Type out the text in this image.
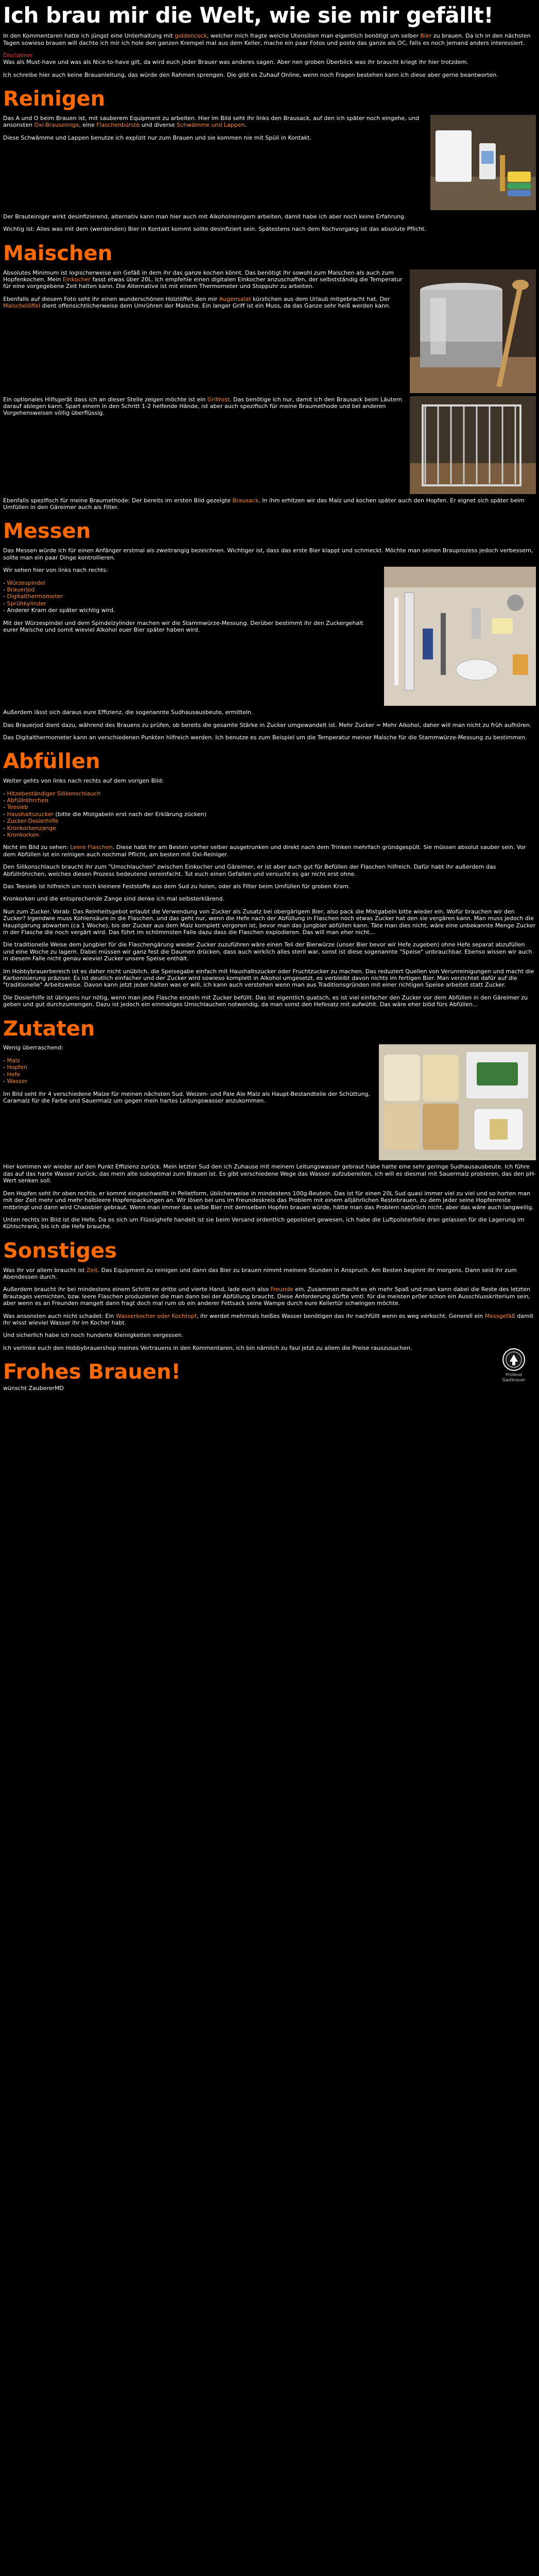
Ich brau mir die Welt, wie sie mir gefällt!

In den Kommentaren hatte ich jüngst eine Unterhaltung mit goldencock, welcher mich fragte welche Utensilien man eigentlich benötigt um selber Bier zu brauen. Da ich in den nächsten Tagen sowieso brauen will dachte ich mir ich hole den ganzen Krempel mal aus dem Keller, mache ein paar Fotos und poste das ganze als OC, falls es noch jemand anders interessiert.

Disclaimer
Was als Must-have und was als Nice-to-have gilt, da wird euch jeder Brauer was anderes sagen. Aber nen groben Überblick was ihr braucht kriegt ihr hier trotzdem.

Ich schreibe hier auch keine Brauanleitung, das würde den Rahmen sprengen. Die gibt es Zuhauf Online, wenn noch Fragen bestehen kann ich diese aber gerne beantworten.

Reinigen

Das A und O beim Brauen ist, mit sauberem Equipment zu arbeiten. Hier im Bild seht ihr links den Brausack, auf den ich später noch eingehe, und ansonsten Oxi-Brauseinige, eine Flaschenbürste und diverse Schwämme und Lappen.

Diese Schwämme und Lappen benutze ich explizit nur zum Brauen und sie kommen nie mit Spüli in Kontakt.

Der Brauteiniger wirkt desinfizierend, alternativ kann man hier auch mit Alkoholreinigern arbeiten, damit habe ich aber noch keine Erfahrung.

Wichtig ist: Alles was mit dem (werdenden) Bier in Kontakt kommt sollte desinfiziert sein. Spätestens nach dem Kochvorgang ist das absolute Pflicht.

Maischen

Absolutes Minimum ist logischerweise ein Gefäß in dem ihr das ganze kochen könnt. Das benötigt Ihr sowohl zum Maischen als auch zum Hopfenkochen. Mein Einkocher fasst etwas über 20L. Ich empfehle einen digitalen Einkocher anzuschaffen, der selbstständig die Temperatur für eine vorgegebene Zeit halten kann. Die Alternative ist mit einem Thermometer und Stoppuhr zu arbeiten.

Ebenfalls auf diesem Foto seht ihr einen wunderschönen Holzlöffel, den mir Augensalat kürzlichen aus dem Urlaub mitgebracht hat. Der Maischelöffel dient offensichtlicherweise dem Umrühren der Maische. Ein langer Griff ist ein Muss, da das Ganze sehr heiß werden kann.

Ein optionales Hilfsgerät dass ich an dieser Stelle zeigen möchte ist ein Grillrost. Das benötige ich nur, damit ich den Brausack beim Läutern darauf ablegen kann. Spart einem in den Schritt 1-2 helfende Hände, ist aber auch spezifisch für meine Braumethode und bei anderen Vorgehensweisen völlig überflüssig.

Ebenfalls spezifisch für meine Braumethode: Der bereits im ersten Bild gezeigte Brausack. In ihm erhitzen wir das Malz und kochen später auch den Hopfen. Er eignet sich später beim Umfüllen in den Gäreimer auch als Filter.

Messen

Das Messen würde ich für einen Anfänger erstmal als zweitrangig bezeichnen. Wichtiger ist, dass das erste Bier klappt und schmeckt. Möchte man seinen Brauprozess jedoch verbessern, sollte man ein paar Dinge kontrollieren.

Wir sehen hier von links nach rechts:

- Würzespindel
- Brauerjod
- Digitalthermometer
- Sprühkylinder
- Anderer Kram der später wichtig wird.

Mit der Würzespindel und dem Spindelzylinder machen wir die Stammwürze-Messung. Derüber bestimmt ihr den Zuckergehalt eurer Maische und somit wieviel Alkohol euer Bier später haben wird.

Außerdem lässt sich daraus eure Effizienz, die sogenannte Sudhausausbeute, ermitteln.

Das Brauerjod dient dazu, während des Brauens zu prüfen, ob bereits die gesamte Stärke in Zucker umgewandelt ist. Mehr Zucker = Mehr Alkohol, daher will man nicht zu früh aufhören.

Das Digitalthermometer kann an verschiedenen Punkten hilfreich werden. Ich benutze es zum Beispiel um die Temperatur meiner Maische für die Stammwürze-Messung zu bestimmen.

Abfüllen

Weiter gehts von links nach rechts auf dem vorigen Bild:

- Hitzebeständiger Silikonschlauch
- Abfüllröhrchen
- Teesieb
- Haushaltszucker (bitte die Mistgabeln erst nach der Erklärung zücken)
- Zucker-Dosierhilfe
- Kronkorkenzange
- Kronkorken

Nicht im Bild zu sehen: Leere Flaschen. Diese habt Ihr am Besten vorher selber ausgetrunken und direkt nach dem Trinken mehrfach gründgespült. Sie müssen absolut sauber sein. Vor dem Abfüllen ist ein reinigen auch nochmal Pflicht, am besten mit Oxi-Reiniger.

Den Silikonschlauch braucht ihr zum "Umschlauchen" zwischen Einkocher und Gäreimer, er ist aber auch gut für Befüllen der Flaschen hilfreich. Dafür habt ihr außerdem das Abfüllröhrchen, welches diesen Prozess bedeutend vereinfacht. Tut euch einen Gefallen und versucht es gar nicht erst ohne.

Das Teesieb ist hilfreich um noch kleinere Feststoffe aus dem Sud zu holen, oder als Filter beim Umfüllen für groben Kram.

Kronkorken und die entsprechende Zange sind denke ich mal selbsterklärend.

Nun zum Zucker. Vorab: Das Reinheitsgebot erlaubt die Verwendung von Zucker als Zusatz bei obergärigem Bier, also pack die Mistgabeln bitte wieder ein. Wofür brauchen wir den Zucker? Irgendwie muss Kohlensäure in die Flaschen, und das geht nur, wenn die Hefe nach der Abfüllung in Flaschen noch etwas Zucker hat den sie vergären kann. Man muss jedoch die Hauptgärung abwarten (ca 1 Woche), bis der Zucker aus dem Malz komplett vergoren ist, bevor man das Jungbier abfüllen kann. Täte man dies nicht, wäre eine unbekannte Menge Zucker in der Flasche die noch vergärt wird. Das führt im schlimmsten Falle dazu dass die Flaschen explodieren. Das will man eher nicht...

Die traditionelle Weise dem Jungbier für die Flaschengärung wieder Zucker zuzuführen wäre einen Teil der Bierwürze (unser Bier bevor wir Hefe zugeben) ohne Hefe separat abzufüllen und eine Woche zu lagern. Dabei müssen wir ganz fest die Daumen drücken, dass auch wirklich alles steril war, sonst ist diese sogenannte "Speise" unbrauchbar. Ebenso wissen wir auch in diesem Falle nicht genau wieviel Zucker unsere Speise enthält.

Im Hobbybrauerbereich ist es daher nicht unüblich, die Speisegabe einfach mit Haushaltszucker oder Fruchtzucker zu machen. Das reduziert Quellen von Verunreinigungen und macht die Karbonisierung präziser. Es ist deutlich einfacher und der Zucker wird sowieso komplett in Alkohol umgesetzt, es verbleibt davon nichts im fertigen Bier. Man verzichtet dafür auf die "traditionelle" Arbeitsweise. Davon kann jetzt jeder halten was er will, ich kann auch verstehen wenn man aus Traditionsgründen mit einer richtigen Speise arbeitet statt Zucker.

Die Dosierhilfe ist übrigens nur nötig, wenn man jede Flasche einzeln mit Zucker befüllt. Das ist eigentlich quatsch, es ist viel einfacher den Zucker vor dem Abfüllen in den Gäreimer zu geben und gut durchzumengen. Dazu ist jedoch ein einmaliges Umschlauchen notwendig, da man sonst den Hefesatz mit aufwühlt. Das wäre eher blöd fürs Abfüllen…

Zutaten

Wenig überraschend:

- Malz
- Hopfen
- Hefe
- Wasser

Im Bild seht ihr 4 verschiedene Malze für meinen nächsten Sud. Weizen- und Pale Ale Malz als Haupt-Bestandteile der Schüttung, Caramalz für die Farbe und Sauermalz um gegen mein hartes Leitungswasser anzukommen.

Hier kommen wir wieder auf den Punkt Effizienz zurück. Mein letzter Sud den ich Zuhause mit meinem Leitungswasser gebraut habe hatte eine sehr geringe Sudhausausbeute. Ich führe das auf das harte Wasser zurück, das mein alte suboptimal zum Brauen ist. Es gibt verschiedene Wege das Wasser aufzubereiten, ich will es diesmal mit Sauermalz probieren, das den pH-Wert senken soll.

Den Hopfen seht ihr oben rechts, er kommt eingeschweißt in Pelletform, üblicherweise in mindestens 100g-Beuteln. Das ist für einen 20L Sud quasi immer viel zu viel und so horten man mit der Zeit mehr und mehr halbleere Hopfenpackungen an. Wir lösen bei uns im Freundeskreis das Problem mit einem alljährlichen Restebrauen, zu dem jeder seine Hopfenreste mitbringt und dann wird Chaosbier gebraut. Wenn man immer das selbe Bier mit demselben Hopfen brauen würde, hätte man das Problem natürlich nicht, aber das wäre auch langweilig.

Unten rechts im Bild ist die Hefe. Da es sich um Flüssighefe handelt ist sie beim Versand ordentlich gepolstert gewesen, ich habe die Luftpolsterfolie dran gelassen für die Lagerung im Kühlschrank, bis ich die Hefe brauche.

Sonstiges

Was ihr vor allem braucht ist Zeit. Das Equipment zu reinigen und dann das Bier zu brauen nimmt meinere Stunden in Anspruch. Am Besten beginnt ihr morgens. Dann seid ihr zum Abendessen durch.

Außerdem braucht ihr bei mindestens einem Schritt ne dritte und vierte Hand, lade euch also Freunde ein. Zusammen macht es eh mehr Spaß und man kann dabei die Reste des letzten Brautages vernichten, bzw. leere Flaschen produzieren die man dann bei der Abfüllung braucht. Diese Anforderung dürfte vmtl. für die meisten pr0er schon ein Ausschlusskriterium sein, aber wenn es an Freunden mangelt dann fragt doch mal rum ob ein anderer Fettsack seine Wampe durch eure Kellertür schwingen möchte.

Was ansonsten auch nicht schadet: Ein Wasserkocher oder Kochtopf, ihr werdet mehrmals heißes Wasser benötigen das ihr nachfüllt wenn es weg verkocht. Generell ein Messgefäß damit ihr wisst wieviel Wasser ihr im Kocher habt.

Und sicherlich habe ich noch hunderte Kleinigkeiten vergessen.

Ich verlinke euch den Hobbybrauershop meines Vertrauens in den Kommentaren, ich bin nämlich zu faul jetzt zu allem die Preise rauszusuchen.

Frohes Brauen!
wünscht ZaubererMD
Prüfend Gastbrauer
